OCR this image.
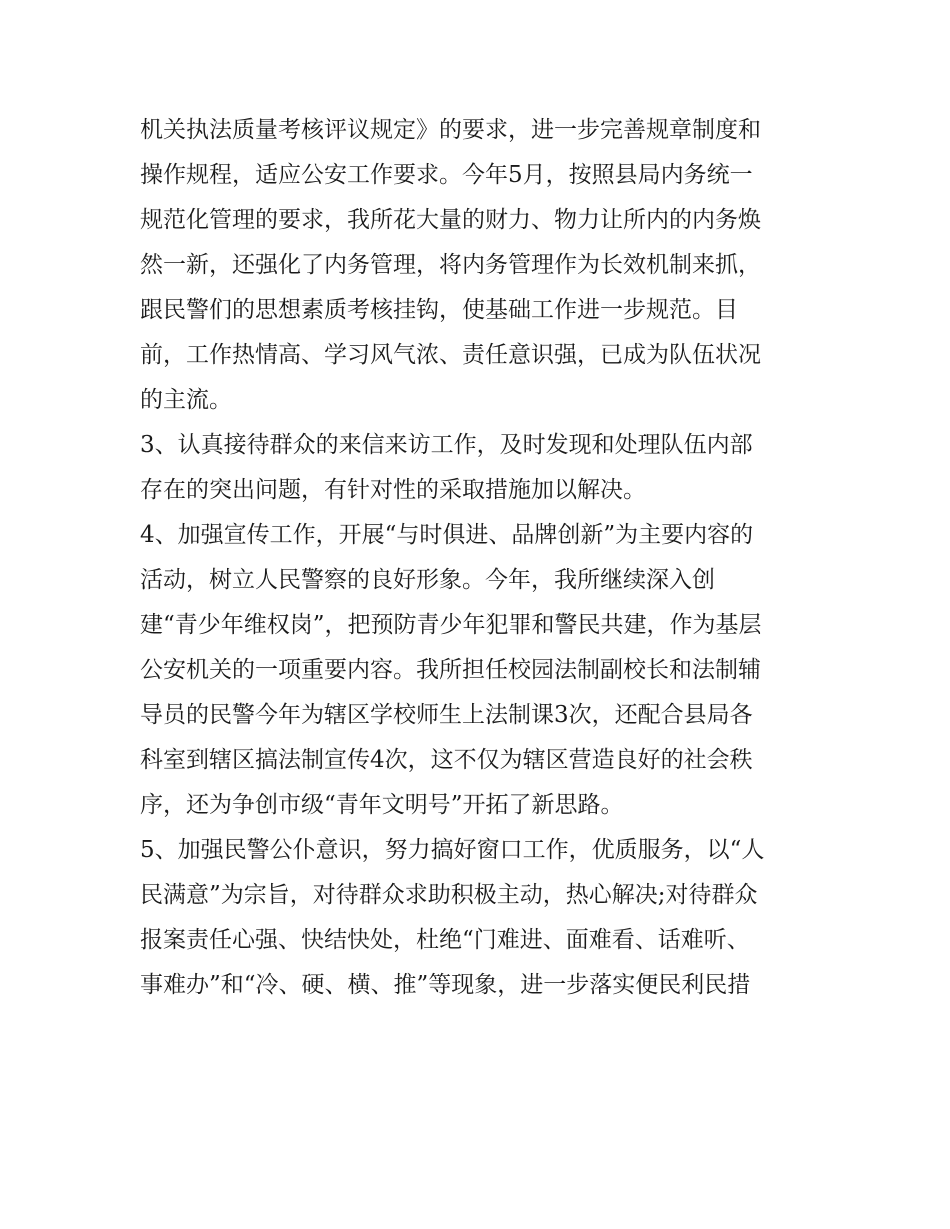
机关执法质量考核评议规定》的要求，进一步完善规章制度和
操作规程，适应公安工作要求。今年5月，按照县局内务统一
规范化管理的要求，我所花大量的财力、物力让所内的内务焕
然一新，还强化了内务管理，将内务管理作为长效机制来抓，
跟民警们的思想素质考核挂钩，使基础工作进一步规范。目
前，工作热情高、学习风气浓、责任意识强，已成为队伍状况
的主流。
3、认真接待群众的来信来访工作，及时发现和处理队伍内部
存在的突出问题，有针对性的采取措施加以解决。
4、加强宣传工作，开展“与时俱进、品牌创新”为主要内容的
活动，树立人民警察的良好形象。今年，我所继续深入创
建“青少年维权岗”，把预防青少年犯罪和警民共建，作为基层
公安机关的一项重要内容。我所担任校园法制副校长和法制辅
导员的民警今年为辖区学校师生上法制课3次，还配合县局各
科室到辖区搞法制宣传4次，这不仅为辖区营造良好的社会秩
序，还为争创市级“青年文明号”开拓了新思路。
5、加强民警公仆意识，努力搞好窗口工作，优质服务，以“人
民满意”为宗旨，对待群众求助积极主动，热心解决;对待群众
报案责任心强、快结快处，杜绝“门难进、面难看、话难听、
事难办”和“冷、硬、横、推”等现象，进一步落实便民利民措
